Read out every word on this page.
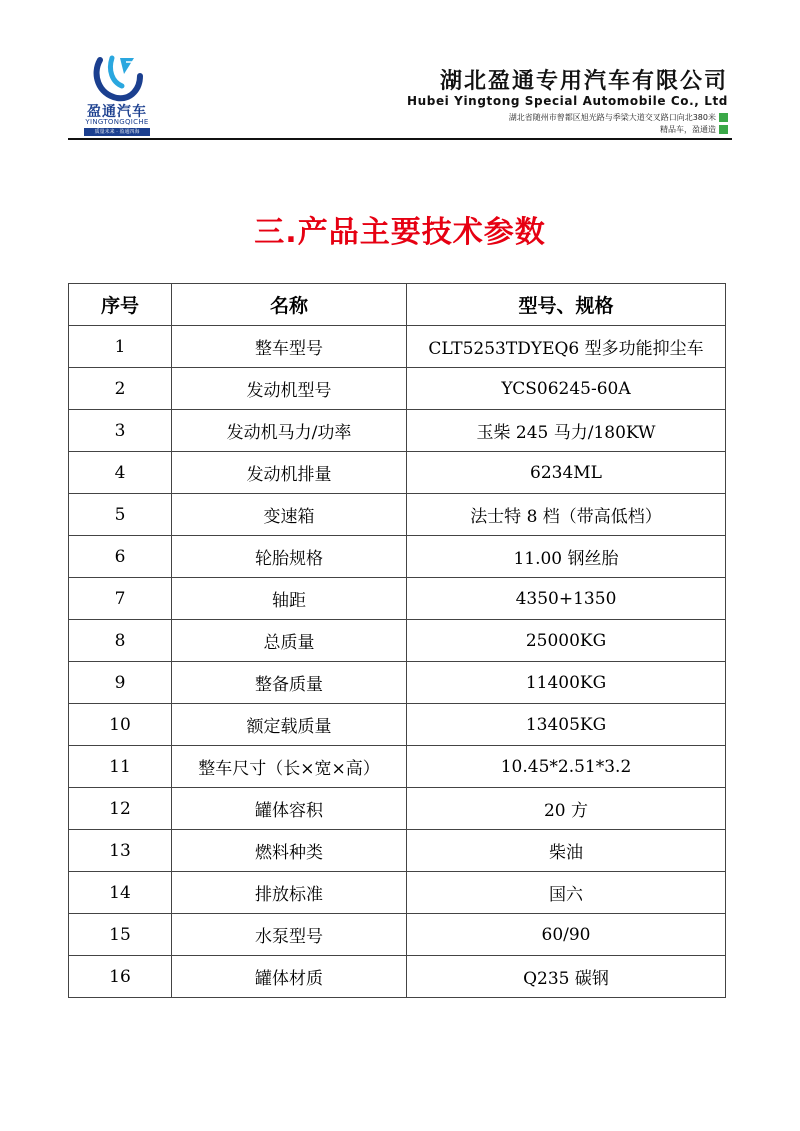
盈通汽车
YINGTONGQICHE
质量未来 · 盈通四海
湖北盈通专用汽车有限公司
Hubei Yingtong Special Automobile Co., Ltd
湖北省随州市曾都区旭光路与季梁大道交叉路口向北380米
精品车，盈通造
三.产品主要技术参数
序号	名称	型号、规格
1	整车型号	CLT5253TDYEQ6 型多功能抑尘车
2	发动机型号	YCS06245-60A
3	发动机马力/功率	玉柴 245 马力/180KW
4	发动机排量	6234ML
5	变速箱	法士特 8 档（带高低档）
6	轮胎规格	11.00 钢丝胎
7	轴距	4350+1350
8	总质量	25000KG
9	整备质量	11400KG
10	额定载质量	13405KG
11	整车尺寸（长×宽×高）	10.45*2.51*3.2
12	罐体容积	20 方
13	燃料种类	柴油
14	排放标准	国六
15	水泵型号	60/90
16	罐体材质	Q235 碳钢
